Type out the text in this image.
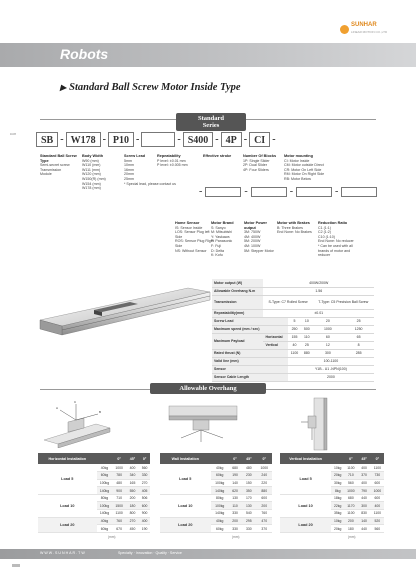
SUNHAR
LINEAR MOTION CO.,LTD
Robots
▶ Standard Ball Screw Motor Inside Type
Standard Series
ROB
SB - W178 - P10 -	- S400 - 4P - CI -
Standard Ball Screw Type
Semi-secret screw
Transmission
Module
Body Width
W90 (mm)
W110 (mm)
W111 (mm)
W120 (mm)
W150(R) (mm)
W154 (mm)
W178 (mm)
Screw Lead
5mm
10mm
16mm
20mm
25mm
* Special lead, please contact us
Repeatability
P level: ±0.01 mm
P level: ±0.005 mm
Effective stroke	Number Of Blocks
1P: Single Slider
2P: Dual Slider
4P: Four Sliders
Motor mounting
CI: Motor Inside
CM: Motor outside Direct
CR: Motor On Left Side
RM: Motor On Right Side
RB: Motor Below
-	-	-	-
Home Sensor
IS: Sensor Inside
LOS: Sensor Plug left Side
ROS: Sensor Plug Right Side
NS: Without Sensor
Motor Brand
S: Sanyo
M: Mitsubishi
Y: Yaskawa
P: Panasonic
F: Fuji
D: Delta
K: Kofu
Motor Power output
3M: 750W
4M: 400W
5M: 200W
4M: 100W
5M: Stepper Motor
Motor with Brakes
B: Three Brakes
End None: No Brakes
Reduction Ratio
C1 (1:1)
C2 (1:2)
C10 (1:10)
End None: No reducer
* Can be used with all
brands of motor and
reducer
Motor output (W)	400W/200W				
Allowable Overhang N.m	1.56				
Transmission	S-Type: C7 Rolled Screw			T-Type: C5 Precision Ball Screw	
Repeatability(mm)	±0.01				
Screw Lead		5	10	20	25
Maximum speed (mm / sec)		250	500	1000	1250
Maximum Payload	Horizontal	155	110	60	65
	Vertical	40	25	12	8
Rated thrust (N)		1100	880	300	285
Valid line (mm)		100-1100			
Sensor		Y1B - U1 -NPN(100)			
Sensor Cable Length		2000			
Allowable Overhang
C
B
A
Horizontal Installation		0°	45°	0°
Load 5	40kg	1000	400	560
	60kg	780	340	330
	100kg	480	165	270
	140kg	900	550	405
Load 10	80kg	710	200	506
	100kg	1500	180	600
	140kg	1100	800	900
Load 20	40kg	760	270	400
	60kg	670	450	190
(mm)
Wall Installation		0°	45°	0°
Load 5	40kg	680	480	1000
	60kg	190	230	240
	100kg	140	150	220
	140kg	620	350	880
Load 10	80kg	130	170	600
	100kg	110	130	200
	140kg	330	540	760
Load 20	40kg	200	295	470
	60kg	330	330	370
(mm)
Vertical Installation		0°	45°	0°
Load 5	10kg	1100	400	1100
	20kg	710	370	730
	30kg	560	400	600
	8kg	1000	790	1000
Load 10	18kg	680	440	600
	22kg	1170	300	400
	35kg	1100	830	1100
Load 20	10kg	200	140	520
	20kg	180	440	560
(mm)
WWW.SUNHAR.TW	Specialty · Innovation · Quality · Service
